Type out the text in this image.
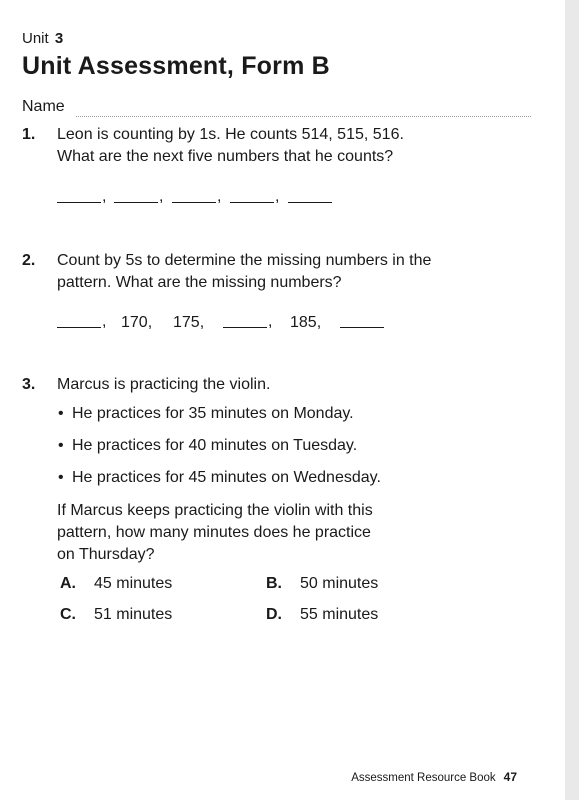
Unit 3
Unit Assessment, Form B
Name
1. Leon is counting by 1s. He counts 514, 515, 516.
What are the next five numbers that he counts?
,	,	,	,
2. Count by 5s to determine the missing numbers in the
pattern. What are the missing numbers?
, 170, 175,	, 185,
3. Marcus is practicing the violin.
• He practices for 35 minutes on Monday.
• He practices for 40 minutes on Tuesday.
• He practices for 45 minutes on Wednesday.
If Marcus keeps practicing the violin with this
pattern, how many minutes does he practice
on Thursday?
A. 45 minutes	B. 50 minutes
C. 51 minutes	D. 55 minutes
Assessment Resource Book 47
